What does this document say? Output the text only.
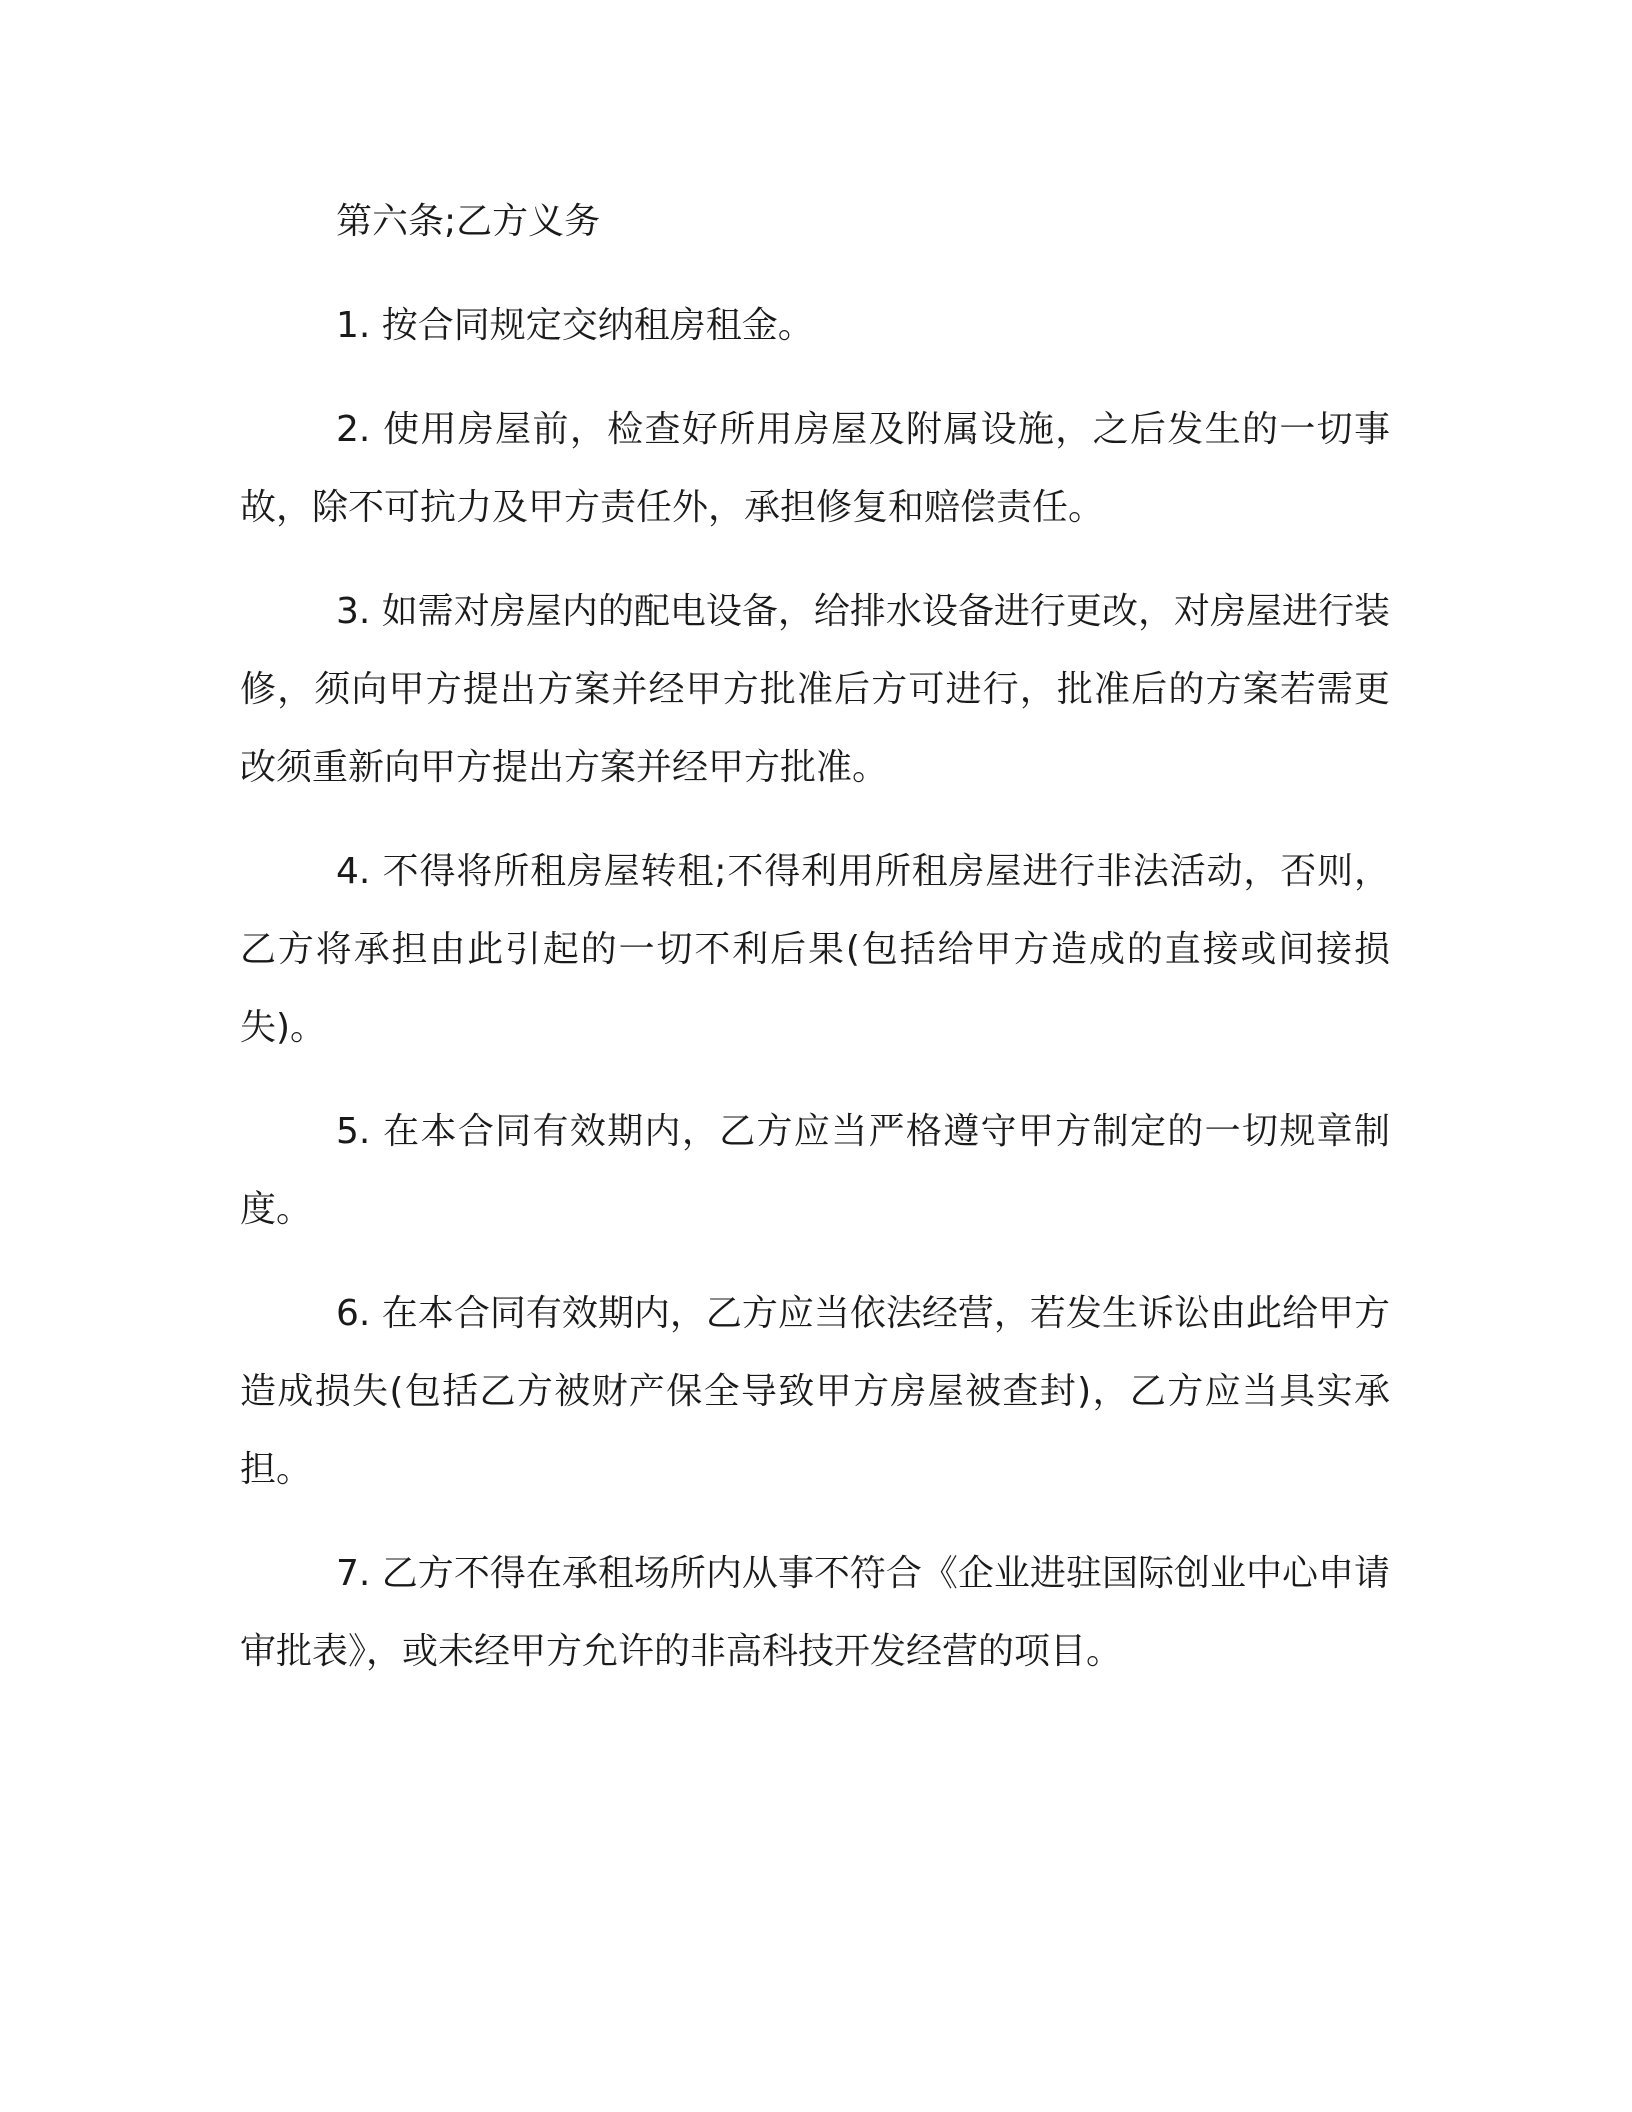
第六条;乙方义务

1. 按合同规定交纳租房租金。

2. 使用房屋前，检查好所用房屋及附属设施，之后发生的一切事故，除不可抗力及甲方责任外，承担修复和赔偿责任。

3. 如需对房屋内的配电设备，给排水设备进行更改，对房屋进行装修，须向甲方提出方案并经甲方批准后方可进行，批准后的方案若需更改须重新向甲方提出方案并经甲方批准。

4. 不得将所租房屋转租;不得利用所租房屋进行非法活动，否则，乙方将承担由此引起的一切不利后果(包括给甲方造成的直接或间接损失)。

5. 在本合同有效期内，乙方应当严格遵守甲方制定的一切规章制度。

6. 在本合同有效期内，乙方应当依法经营，若发生诉讼由此给甲方造成损失(包括乙方被财产保全导致甲方房屋被查封)，乙方应当具实承担。

7. 乙方不得在承租场所内从事不符合《企业进驻国际创业中心申请审批表》，或未经甲方允许的非高科技开发经营的项目。
